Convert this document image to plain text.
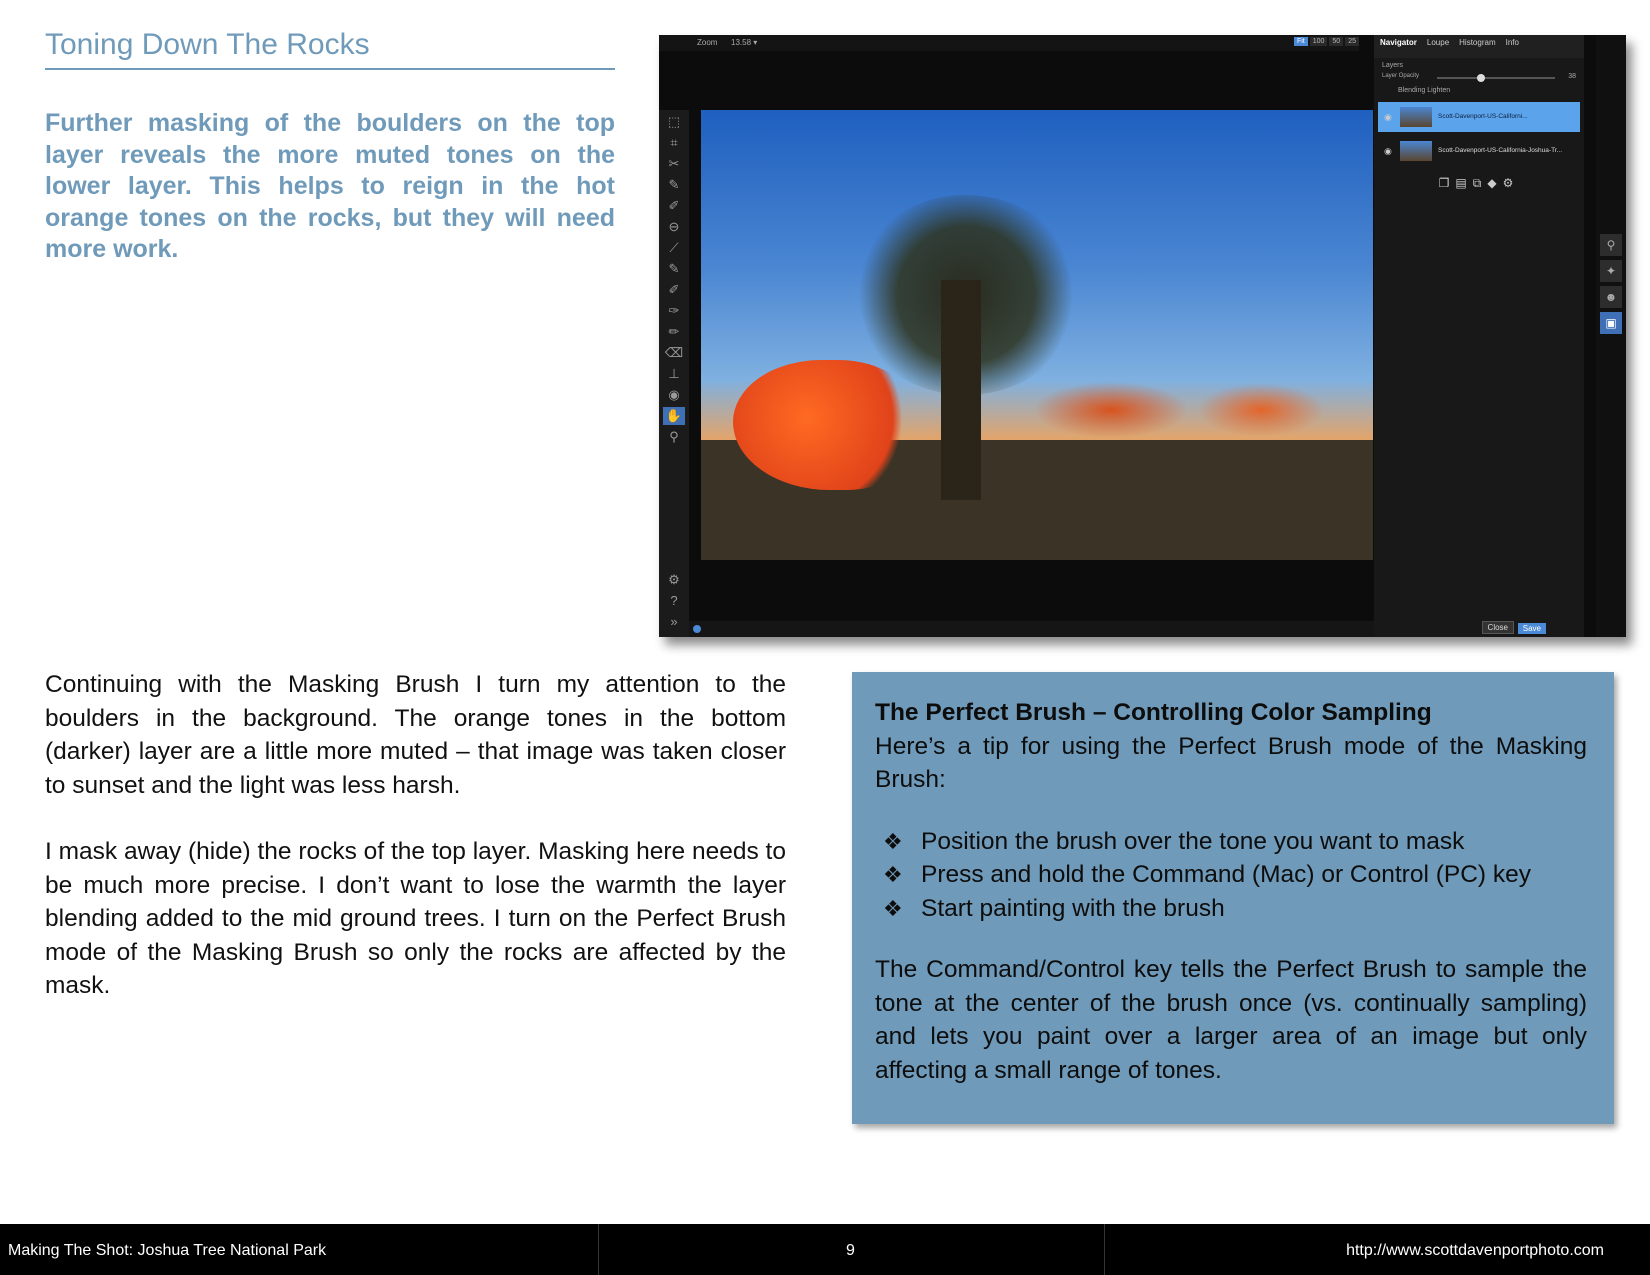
Toning Down The Rocks
Further masking of the boulders on the top layer reveals the more muted tones on the lower layer. This helps to reign in the hot orange tones on the rocks, but they will need more work.
Zoom 13.58 ▾	Fit	100	50	25
⬚
⌗
✂
✎
✐
⊖
⟋
✎
✐
✑
✏
⌫
⊥
◉
✋
⚲
⚙
?
»
Navigator Loupe Histogram Info
Layers
Layer Opacity	38
Blending Lighten
◉	Scott-Davenport-US-Californi...
◉	Scott-Davenport-US-California-Joshua-Tr...
❐▤⧉◆⚙
⚲
✦
☻
▣
Close	Save
Continuing with the Masking Brush I turn my attention to the boulders in the background. The orange tones in the bottom (darker) layer are a little more muted – that image was taken closer to sunset and the light was less harsh.
I mask away (hide) the rocks of the top layer. Masking here needs to be much more precise. I don’t want to lose the warmth the layer blending added to the mid ground trees. I turn on the Perfect Brush mode of the Masking Brush so only the rocks are affected by the mask.
The Perfect Brush – Controlling Color Sampling
Here’s a tip for using the Perfect Brush mode of the Masking Brush:
❖ Position the brush over the tone you want to mask
❖ Press and hold the Command (Mac) or Control (PC) key
❖ Start painting with the brush
The Command/Control key tells the Perfect Brush to sample the tone at the center of the brush once (vs. continually sampling) and lets you paint over a larger area of an image but only affecting a small range of tones.
Making The Shot: Joshua Tree National Park	9	http://www.scottdavenportphoto.com
